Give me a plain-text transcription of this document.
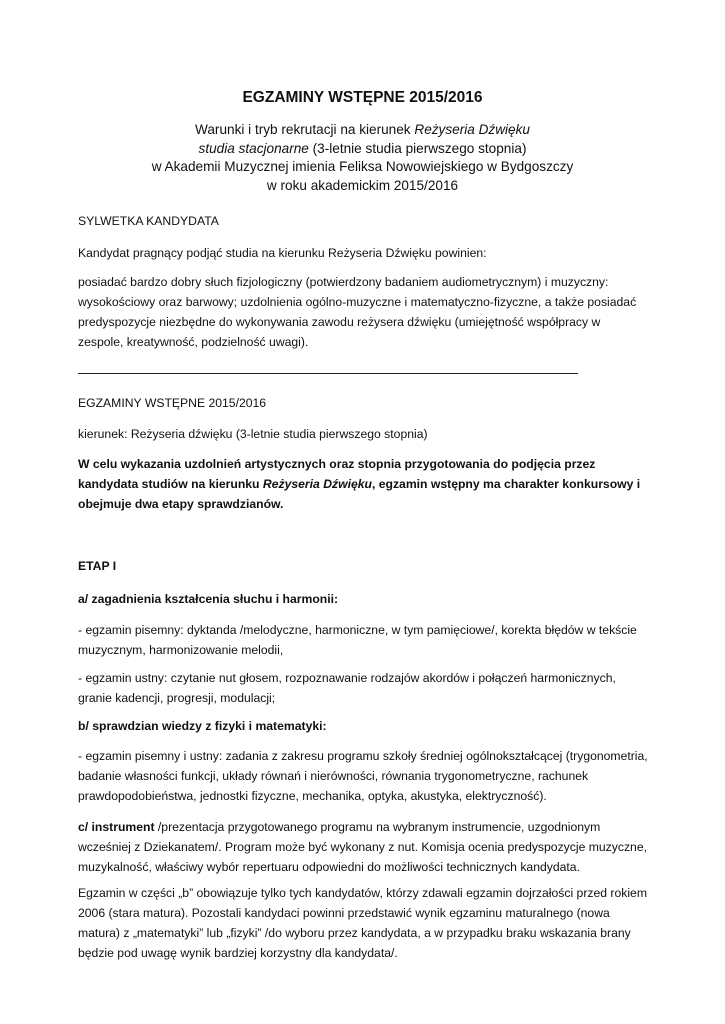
EGZAMINY WSTĘPNE 2015/2016
Warunki i tryb rekrutacji na kierunek Reżyseria Dźwięku
studia stacjonarne (3-letnie studia pierwszego stopnia)
w Akademii Muzycznej imienia Feliksa Nowowiejskiego w Bydgoszczy
w roku akademickim 2015/2016
SYLWETKA KANDYDATA
Kandydat pragnący podjąć studia na kierunku Reżyseria Dźwięku powinien:
posiadać bardzo dobry słuch fizjologiczny (potwierdzony badaniem audiometrycznym) i muzyczny: wysokościowy oraz barwowy; uzdolnienia ogólno-muzyczne i matematyczno-fizyczne, a także posiadać predyspozycje niezbędne do wykonywania zawodu reżysera dźwięku (umiejętność współpracy w zespole, kreatywność, podzielność uwagi).
EGZAMINY WSTĘPNE 2015/2016
kierunek: Reżyseria dźwięku (3-letnie studia pierwszego stopnia)
W celu wykazania uzdolnień artystycznych oraz stopnia przygotowania do podjęcia przez kandydata studiów na kierunku Reżyseria Dźwięku, egzamin wstępny ma charakter konkursowy i obejmuje dwa etapy sprawdzianów.
ETAP I
a/ zagadnienia kształcenia słuchu i harmonii:
- egzamin pisemny: dyktanda /melodyczne, harmoniczne, w tym pamięciowe/, korekta błędów w tekście muzycznym, harmonizowanie melodii,
- egzamin ustny: czytanie nut głosem, rozpoznawanie rodzajów akordów i połączeń harmonicznych, granie kadencji, progresji, modulacji;
b/ sprawdzian wiedzy z fizyki i matematyki:
- egzamin pisemny i ustny: zadania z zakresu programu szkoły średniej ogólnokształcącej (trygonometria, badanie własności funkcji, układy równań i nierówności, równania trygonometryczne, rachunek prawdopodobieństwa, jednostki fizyczne, mechanika, optyka, akustyka, elektryczność).
c/ instrument /prezentacja przygotowanego programu na wybranym instrumencie, uzgodnionym wcześniej z Dziekanatem/. Program może być wykonany z nut. Komisja ocenia predyspozycje muzyczne, muzykalność, właściwy wybór repertuaru odpowiedni do możliwości technicznych kandydata.
Egzamin w części „b” obowiązuje tylko tych kandydatów, którzy zdawali egzamin dojrzałości przed rokiem 2006 (stara matura). Pozostali kandydaci powinni przedstawić wynik egzaminu maturalnego (nowa matura) z „matematyki” lub „fizyki” /do wyboru przez kandydata, a w przypadku braku wskazania brany będzie pod uwagę wynik bardziej korzystny dla kandydata/.
